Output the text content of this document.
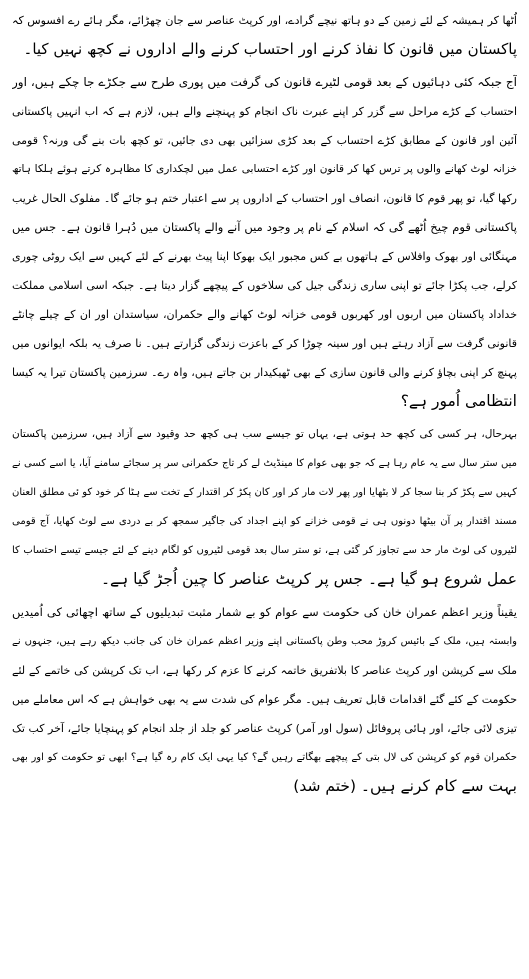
اُٹھا کر ہمیشہ کے لئے زمین کے دو ہاتھ نیچے گرادے، اور کرپٹ عناصر سے جان چھڑائے، مگر ہائے رے افسوس کہ
پاکستان میں قانون کا نفاذ کرنے اور احتساب کرنے والے اداروں نے کچھ نہیں کیا۔
آج جبکہ کئی دہائیوں کے بعد قومی لٹیرے قانون کی گرفت میں پوری طرح سے جکڑے جا چکے ہیں، اور
احتساب کے کڑے مراحل سے گزر کر اپنے عبرت ناک انجام کو پہنچنے والے ہیں، لازم ہے کہ اب انہیں پاکستانی
آئین اور قانون کے مطابق کڑے احتساب کے بعد کڑی سزائیں بھی دی جائیں، تو کچھ بات بنے گی ورنہ؟ قومی
خزانہ لوٹ کھانے والوں پر ترس کھا کر قانون اور کڑے احتسابی عمل میں لچکداری کا مظاہرہ کرتے ہوئے ہلکا ہاتھ
رکھا گیا، تو پھر قوم کا قانون، انصاف اور احتساب کے اداروں پر سے اعتبار ختم ہو جائے گا۔ مفلوک الحال غریب
پاکستانی قوم چیخ اُٹھے گی کہ اسلام کے نام پر وجود میں آنے والے پاکستان میں دُہرا قانون ہے۔ جس میں
مہنگائی اور بھوک وافلاس کے ہاتھوں بے کس مجبور ایک بھوکا اپنا پیٹ بھرنے کے لئے کہیں سے ایک روٹی چوری
کرلے، جب پکڑا جائے تو اپنی ساری زندگی جیل کی سلاخوں کے پیچھے گزار دیتا ہے۔ جبکہ اسی اسلامی مملکت
خداداد پاکستان میں اربوں اور کھربوں قومی خزانہ لوٹ کھانے والے حکمران، سیاستدان اور ان کے چیلے چانٹے
قانونی گرفت سے آزاد رہتے ہیں اور سینہ چوڑا کر کے باعزت زندگی گزارتے ہیں۔ نا صرف یہ بلکہ ایوانوں میں
پہنچ کر اپنی بچاؤ کرنے والی قانون سازی کے بھی ٹھیکیدار بن جاتے ہیں، واہ رے۔ سرزمین پاکستان تیرا یہ کیسا
انتظامی اُمور ہے؟
بہرحال، ہر کسی کی کچھ حد ہوتی ہے، یہاں تو جیسے سب ہی کچھ حد وقیود سے آزاد ہیں، سرزمین پاکستان
میں ستر سال سے یہ عام رہا ہے کہ جو بھی عوام کا مینڈیٹ لے کر تاج حکمرانی سر پر سجائے سامنے آیا، یا اسے کسی نے
کہیں سے پکڑ کر بنا سجا کر لا بٹھایا اور پھر لات مار کر اور کان پکڑ کر اقتدار کے تخت سے ہٹا کر خود کو ئی مطلق العنان
مسند اقتدار پر آن بیٹھا دونوں ہی نے قومی خزانے کو اپنے اجداد کی جاگیر سمجھ کر بے دردی سے لوٹ کھایا، آج قومی
لٹیروں کی لوٹ مار حد سے تجاوز کر گئی ہے، تو ستر سال بعد قومی لٹیروں کو لگام دینے کے لئے جیسے تیسے احتساب کا
عمل شروع ہو گیا ہے۔ جس پر کرپٹ عناصر کا چین اُجڑ گیا ہے۔
یقیناً وزیر اعظم عمران خان کی حکومت سے عوام کو بے شمار مثبت تبدیلیوں کے ساتھ اچھائی کی اُمیدیں
وابستہ ہیں، ملک کے بائیس کروڑ محب وطن پاکستانی اپنے وزیر اعظم عمران خان کی جانب دیکھ رہے ہیں، جنہوں نے
ملک سے کرپشن اور کرپٹ عناصر کا بلاتفریق خاتمہ کرنے کا عزم کر رکھا ہے، اب تک کرپشن کی خاتمے کے لئے
حکومت کے کئے گئے اقدامات قابل تعریف ہیں۔ مگر عوام کی شدت سے یہ بھی خواہش ہے کہ اس معاملے میں
تیزی لائی جائے، اور ہائی پروفائل (سول اور آمر) کرپٹ عناصر کو جلد از جلد انجام کو پہنچایا جائے، آخر کب تک
حکمران قوم کو کرپشن کی لال بتی کے پیچھے بھگاتے رہیں گے؟ کیا یہی ایک کام رہ گیا ہے؟ ابھی تو حکومت کو اور بھی
بہت سے کام کرنے ہیں۔ (ختم شد)
